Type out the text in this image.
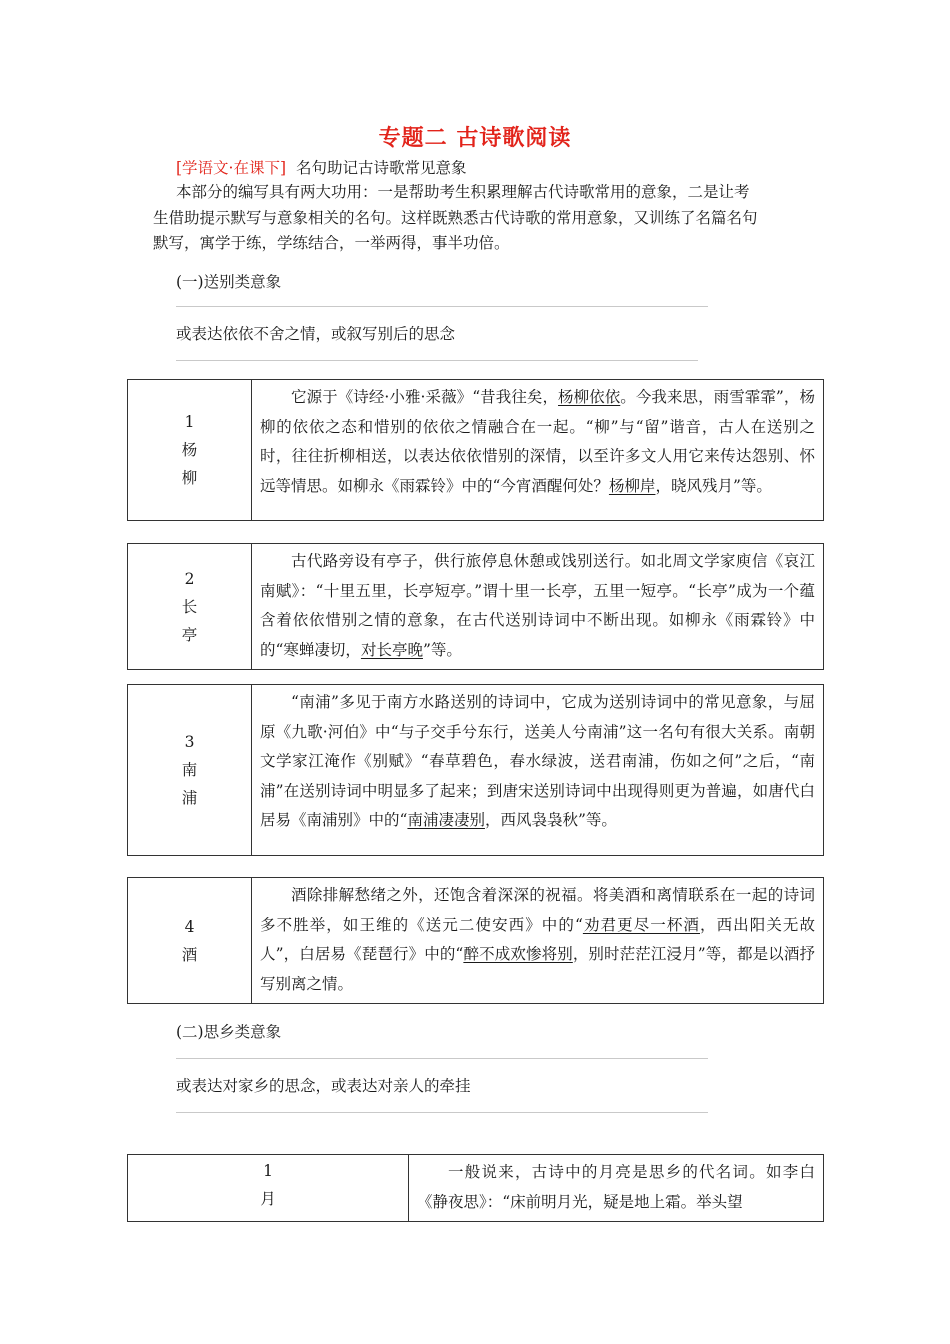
专题二 古诗歌阅读
[学语文·在课下] 名句助记古诗歌常见意象
本部分的编写具有两大功用：一是帮助考生积累理解古代诗歌常用的意象，二是让考
生借助提示默写与意象相关的名句。这样既熟悉古代诗歌的常用意象，又训练了名篇名句
默写，寓学于练，学练结合，一举两得，事半功倍。
(一)送别类意象
或表达依依不舍之情，或叙写别后的思念
1
杨
柳
	它源于《诗经·小雅·采薇》“昔我往矣，杨柳依依。今我来思，雨雪霏霏”，杨柳的依依之态和惜别的依依之情融合在一起。“柳”与“留”谐音，古人在送别之时，往往折柳相送，以表达依依惜别的深情，以至许多文人用它来传达怨别、怀远等情思。如柳永《雨霖铃》中的“今宵酒醒何处？杨柳岸，晓风残月”等。
2
长
亭
	古代路旁设有亭子，供行旅停息休憩或饯别送行。如北周文学家庾信《哀江南赋》：“十里五里，长亭短亭。”谓十里一长亭，五里一短亭。“长亭”成为一个蕴含着依依惜别之情的意象，在古代送别诗词中不断出现。如柳永《雨霖铃》中的“寒蝉凄切，对长亭晚”等。
3
南
浦
	“南浦”多见于南方水路送别的诗词中，它成为送别诗词中的常见意象，与屈原《九歌·河伯》中“与子交手兮东行，送美人兮南浦”这一名句有很大关系。南朝文学家江淹作《别赋》“春草碧色，春水绿波，送君南浦，伤如之何”之后，“南浦”在送别诗词中明显多了起来；到唐宋送别诗词中出现得则更为普遍，如唐代白居易《南浦别》中的“南浦凄凄别，西风袅袅秋”等。
4
酒
	酒除排解愁绪之外，还饱含着深深的祝福。将美酒和离情联系在一起的诗词多不胜举，如王维的《送元二使安西》中的“劝君更尽一杯酒，西出阳关无故人”，白居易《琵琶行》中的“醉不成欢惨将别，别时茫茫江浸月”等，都是以酒抒写别离之情。
(二)思乡类意象
或表达对家乡的思念，或表达对亲人的牵挂
1
月
	一般说来，古诗中的月亮是思乡的代名词。如李白《静夜思》：“床前明月光，疑是地上霜。举头望
